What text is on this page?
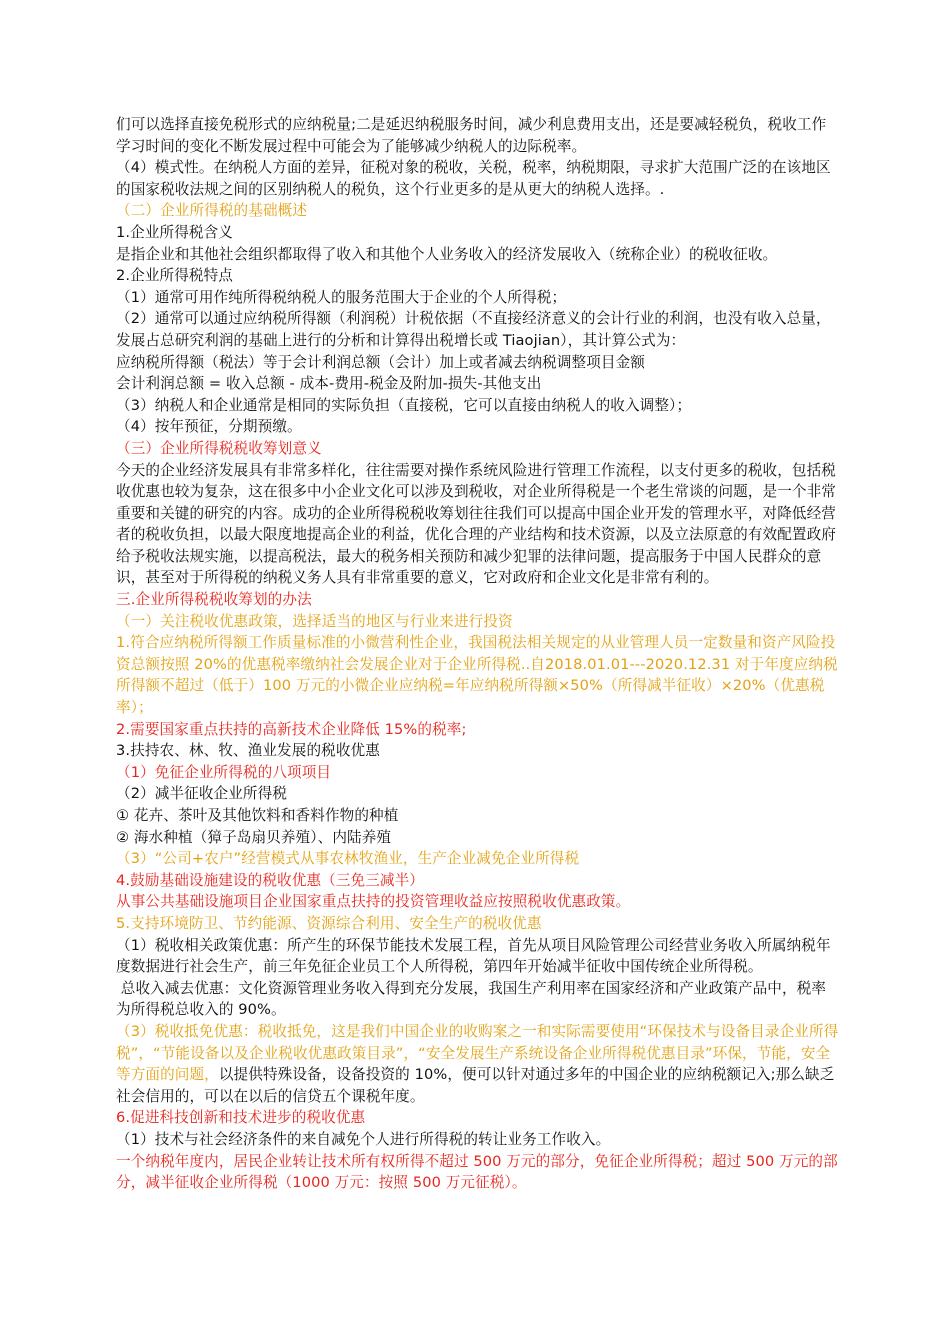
们可以选择直接免税形式的应纳税量;二是延迟纳税服务时间，减少利息费用支出，还是要减轻税负，税收工作学习时间的变化不断发展过程中可能会为了能够减少纳税人的边际税率。

（4）模式性。在纳税人方面的差异，征税对象的税收，关税，税率，纳税期限，寻求扩大范围广泛的在该地区的国家税收法规之间的区别纳税人的税负，这个行业更多的是从更大的纳税人选择。.

（二）企业所得税的基础概述

1.企业所得税含义

是指企业和其他社会组织都取得了收入和其他个人业务收入的经济发展收入（统称企业）的税收征收。

2.企业所得税特点

（1）通常可用作纯所得税纳税人的服务范围大于企业的个人所得税；

（2）通常可以通过应纳税所得额（利润税）计税依据（不直接经济意义的会计行业的利润，也没有收入总量，发展占总研究利润的基础上进行的分析和计算得出税增长或 Tiaojian），其计算公式为：

应纳税所得额（税法）等于会计利润总额（会计）加上或者减去纳税调整项目金额

会计利润总额 = 收入总额 - 成本-费用-税金及附加-损失-其他支出

（3）纳税人和企业通常是相同的实际负担（直接税，它可以直接由纳税人的收入调整）；

（4）按年预征，分期预缴。

（三）企业所得税税收筹划意义

今天的企业经济发展具有非常多样化，往往需要对操作系统风险进行管理工作流程，以支付更多的税收，包括税收优惠也较为复杂，这在很多中小企业文化可以涉及到税收，对企业所得税是一个老生常谈的问题，是一个非常重要和关键的研究的内容。成功的企业所得税税收筹划往往我们可以提高中国企业开发的管理水平，对降低经营者的税收负担，以最大限度地提高企业的利益，优化合理的产业结构和技术资源，以及立法原意的有效配置政府给予税收法规实施，以提高税法，最大的税务相关预防和减少犯罪的法律问题，提高服务于中国人民群众的意识，甚至对于所得税的纳税义务人具有非常重要的意义，它对政府和企业文化是非常有利的。

三.企业所得税税收筹划的办法

（一）关注税收优惠政策，选择适当的地区与行业来进行投资

1.符合应纳税所得额工作质量标准的小微营利性企业，我国税法相关规定的从业管理人员一定数量和资产风险投资总额按照 20%的优惠税率缴纳社会发展企业对于企业所得税..自2018.01.01---2020.12.31 对于年度应纳税所得额不超过（低于）100 万元的小微企业应纳税=年应纳税所得额×50%（所得减半征收）×20%（优惠税率）；

2.需要国家重点扶持的高新技术企业降低 15%的税率;

3.扶持农、林、牧、渔业发展的税收优惠

（1）免征企业所得税的八项项目

（2）减半征收企业所得税

① 花卉、茶叶及其他饮料和香料作物的种植

② 海水种植（獐子岛扇贝养殖）、内陆养殖

（3）“公司+农户”经营模式从事农林牧渔业，生产企业减免企业所得税

4.鼓励基础设施建设的税收优惠（三免三减半）

从事公共基础设施项目企业国家重点扶持的投资管理收益应按照税收优惠政策。

5.支持环境防卫、节约能源、资源综合利用、安全生产的税收优惠

（1）税收相关政策优惠：所产生的环保节能技术发展工程，首先从项目风险管理公司经营业务收入所属纳税年度数据进行社会生产，前三年免征企业员工个人所得税，第四年开始减半征收中国传统企业所得税。

总收入减去优惠：文化资源管理业务收入得到充分发展，我国生产利用率在国家经济和产业政策产品中，税率为所得税总收入的 90%。

（3）税收抵免优惠：税收抵免，这是我们中国企业的收购案之一和实际需要使用“环保技术与设备目录企业所得税”，“节能设备以及企业税收优惠政策目录”，“安全发展生产系统设备企业所得税优惠目录”环保，节能，安全等方面的问题，以提供特殊设备，设备投资的 10%，便可以针对通过多年的中国企业的应纳税额记入;那么缺乏社会信用的，可以在以后的信贷五个课税年度。

6.促进科技创新和技术进步的税收优惠

（1）技术与社会经济条件的来自减免个人进行所得税的转让业务工作收入。

一个纳税年度内，居民企业转让技术所有权所得不超过 500 万元的部分，免征企业所得税；超过 500 万元的部分，减半征收企业所得税（1000 万元：按照 500 万元征税）。
